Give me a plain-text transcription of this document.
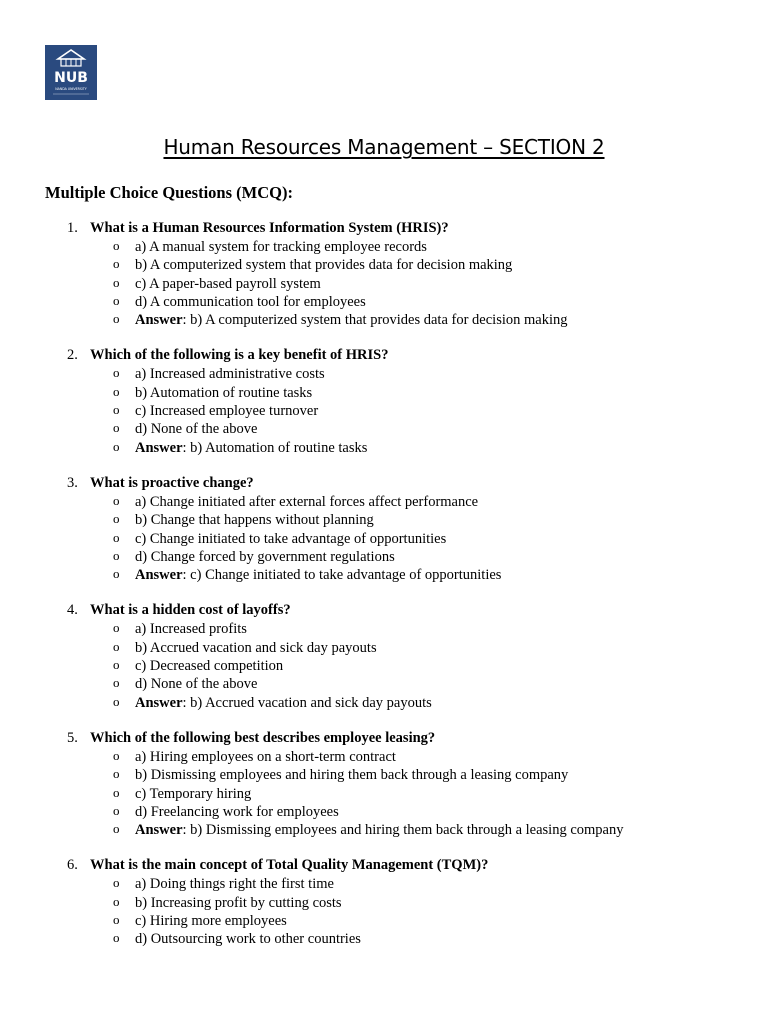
NUB
NANDA UNIVERSITY
Human Resources Management – SECTION 2
Multiple Choice Questions (MCQ):
1. What is a Human Resources Information System (HRIS)?
o a) A manual system for tracking employee records
o b) A computerized system that provides data for decision making
o c) A paper-based payroll system
o d) A communication tool for employees
o Answer: b) A computerized system that provides data for decision making
2. Which of the following is a key benefit of HRIS?
o a) Increased administrative costs
o b) Automation of routine tasks
o c) Increased employee turnover
o d) None of the above
o Answer: b) Automation of routine tasks
3. What is proactive change?
o a) Change initiated after external forces affect performance
o b) Change that happens without planning
o c) Change initiated to take advantage of opportunities
o d) Change forced by government regulations
o Answer: c) Change initiated to take advantage of opportunities
4. What is a hidden cost of layoffs?
o a) Increased profits
o b) Accrued vacation and sick day payouts
o c) Decreased competition
o d) None of the above
o Answer: b) Accrued vacation and sick day payouts
5. Which of the following best describes employee leasing?
o a) Hiring employees on a short-term contract
o b) Dismissing employees and hiring them back through a leasing company
o c) Temporary hiring
o d) Freelancing work for employees
o Answer: b) Dismissing employees and hiring them back through a leasing company
6. What is the main concept of Total Quality Management (TQM)?
o a) Doing things right the first time
o b) Increasing profit by cutting costs
o c) Hiring more employees
o d) Outsourcing work to other countries
